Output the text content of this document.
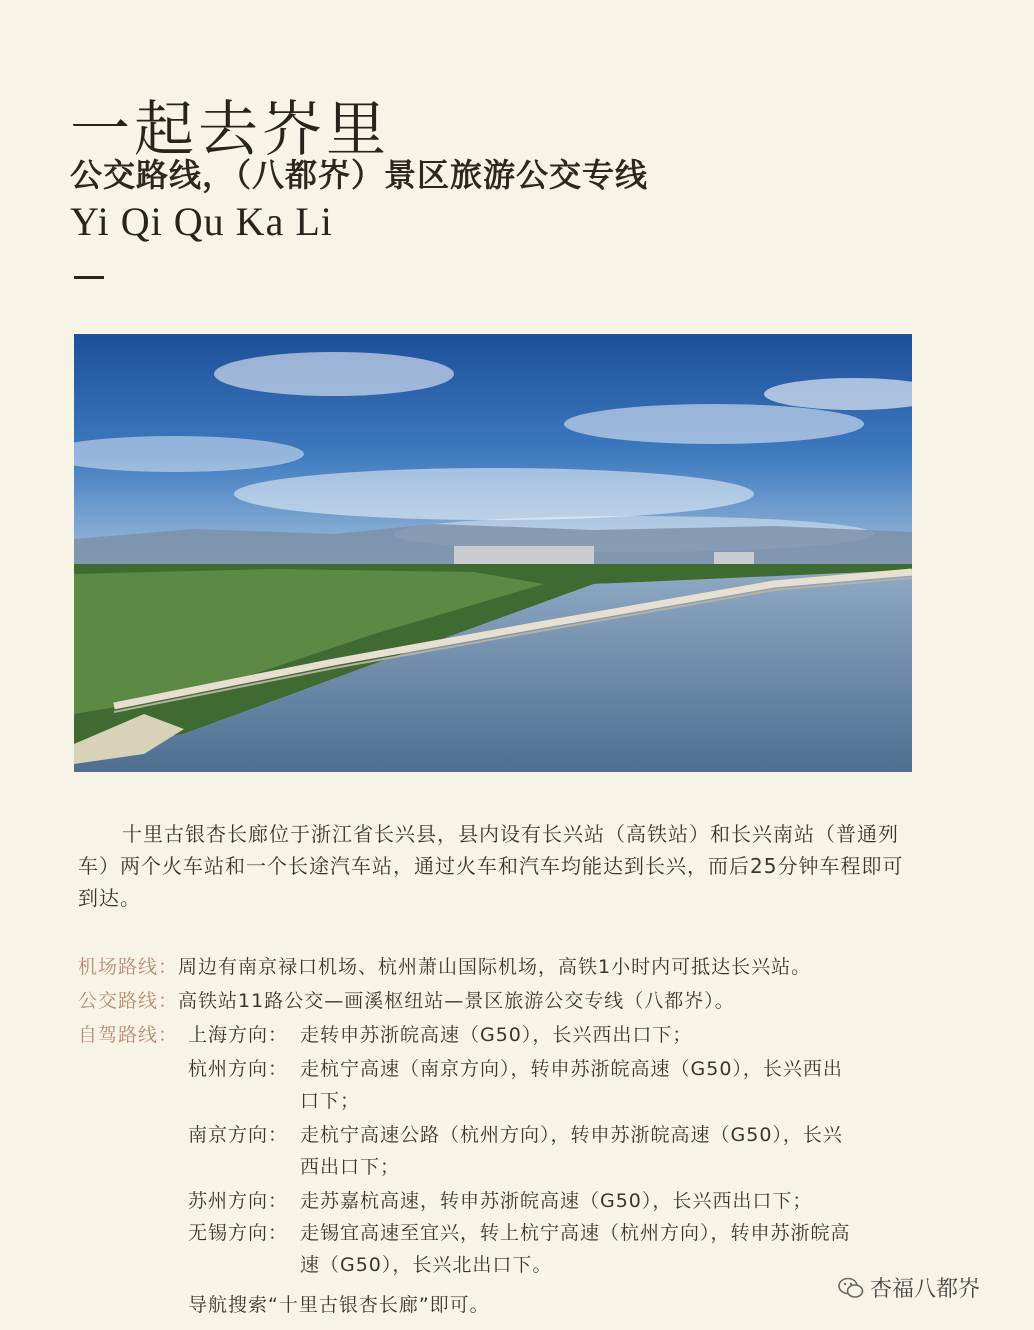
一起去岕里
公交路线，（八都岕）景区旅游公交专线
Yi Qi Qu Ka Li
十里古银杏长廊位于浙江省长兴县，县内设有长兴站（高铁站）和长兴南站（普通列车）两个火车站和一个长途汽车站，通过火车和汽车均能达到长兴，而后25分钟车程即可到达。
机场路线：周边有南京禄口机场、杭州萧山国际机场，高铁1小时内可抵达长兴站。
公交路线：高铁站11路公交—画溪枢纽站—景区旅游公交专线（八都岕）。
自驾路线： 上海方向： 走转申苏浙皖高速（G50），长兴西出口下；
杭州方向： 走杭宁高速（南京方向），转申苏浙皖高速（G50），长兴西出
口下；
南京方向： 走杭宁高速公路（杭州方向），转申苏浙皖高速（G50），长兴
西出口下；
苏州方向： 走苏嘉杭高速，转申苏浙皖高速（G50），长兴西出口下；
无锡方向： 走锡宜高速至宜兴，转上杭宁高速（杭州方向），转申苏浙皖高
速（G50），长兴北出口下。
导航搜索“十里古银杏长廊”即可。
杏福八都岕
